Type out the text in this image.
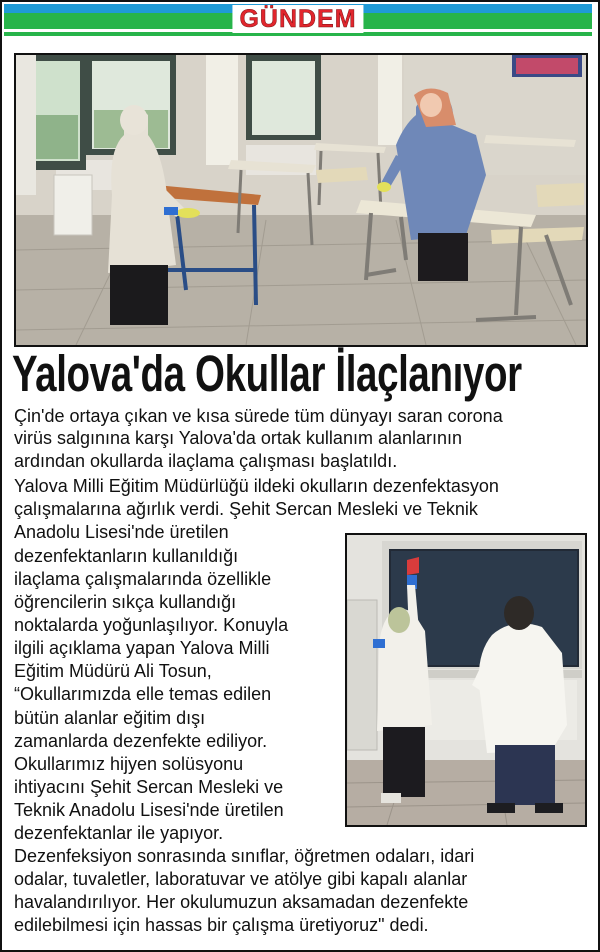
GÜNDEM
Yalova'da Okullar İlaçlanıyor
Çin'de ortaya çıkan ve kısa sürede tüm dünyayı saran corona
virüs salgınına karşı Yalova'da ortak kullanım alanlarının
ardından okullarda ilaçlama çalışması başlatıldı.
Yalova Milli Eğitim Müdürlüğü ildeki okulların dezenfektasyon
çalışmalarına ağırlık verdi. Şehit Sercan Mesleki ve Teknik
Anadolu Lisesi'nde üretilen
dezenfektanların kullanıldığı
ilaçlama çalışmalarında özellikle
öğrencilerin sıkça kullandığı
noktalarda yoğunlaşılıyor. Konuyla
ilgili açıklama yapan Yalova Milli
Eğitim Müdürü Ali Tosun,
“Okullarımızda elle temas edilen
bütün alanlar eğitim dışı
zamanlarda dezenfekte ediliyor.
Okullarımız hijyen solüsyonu
ihtiyacını Şehit Sercan Mesleki ve
Teknik Anadolu Lisesi'nde üretilen
dezenfektanlar ile yapıyor.
Dezenfeksiyon sonrasında sınıflar, öğretmen odaları, idari
odalar, tuvaletler, laboratuvar ve atölye gibi kapalı alanlar
havalandırılıyor. Her okulumuzun aksamadan dezenfekte
edilebilmesi için hassas bir çalışma üretiyoruz" dedi.
